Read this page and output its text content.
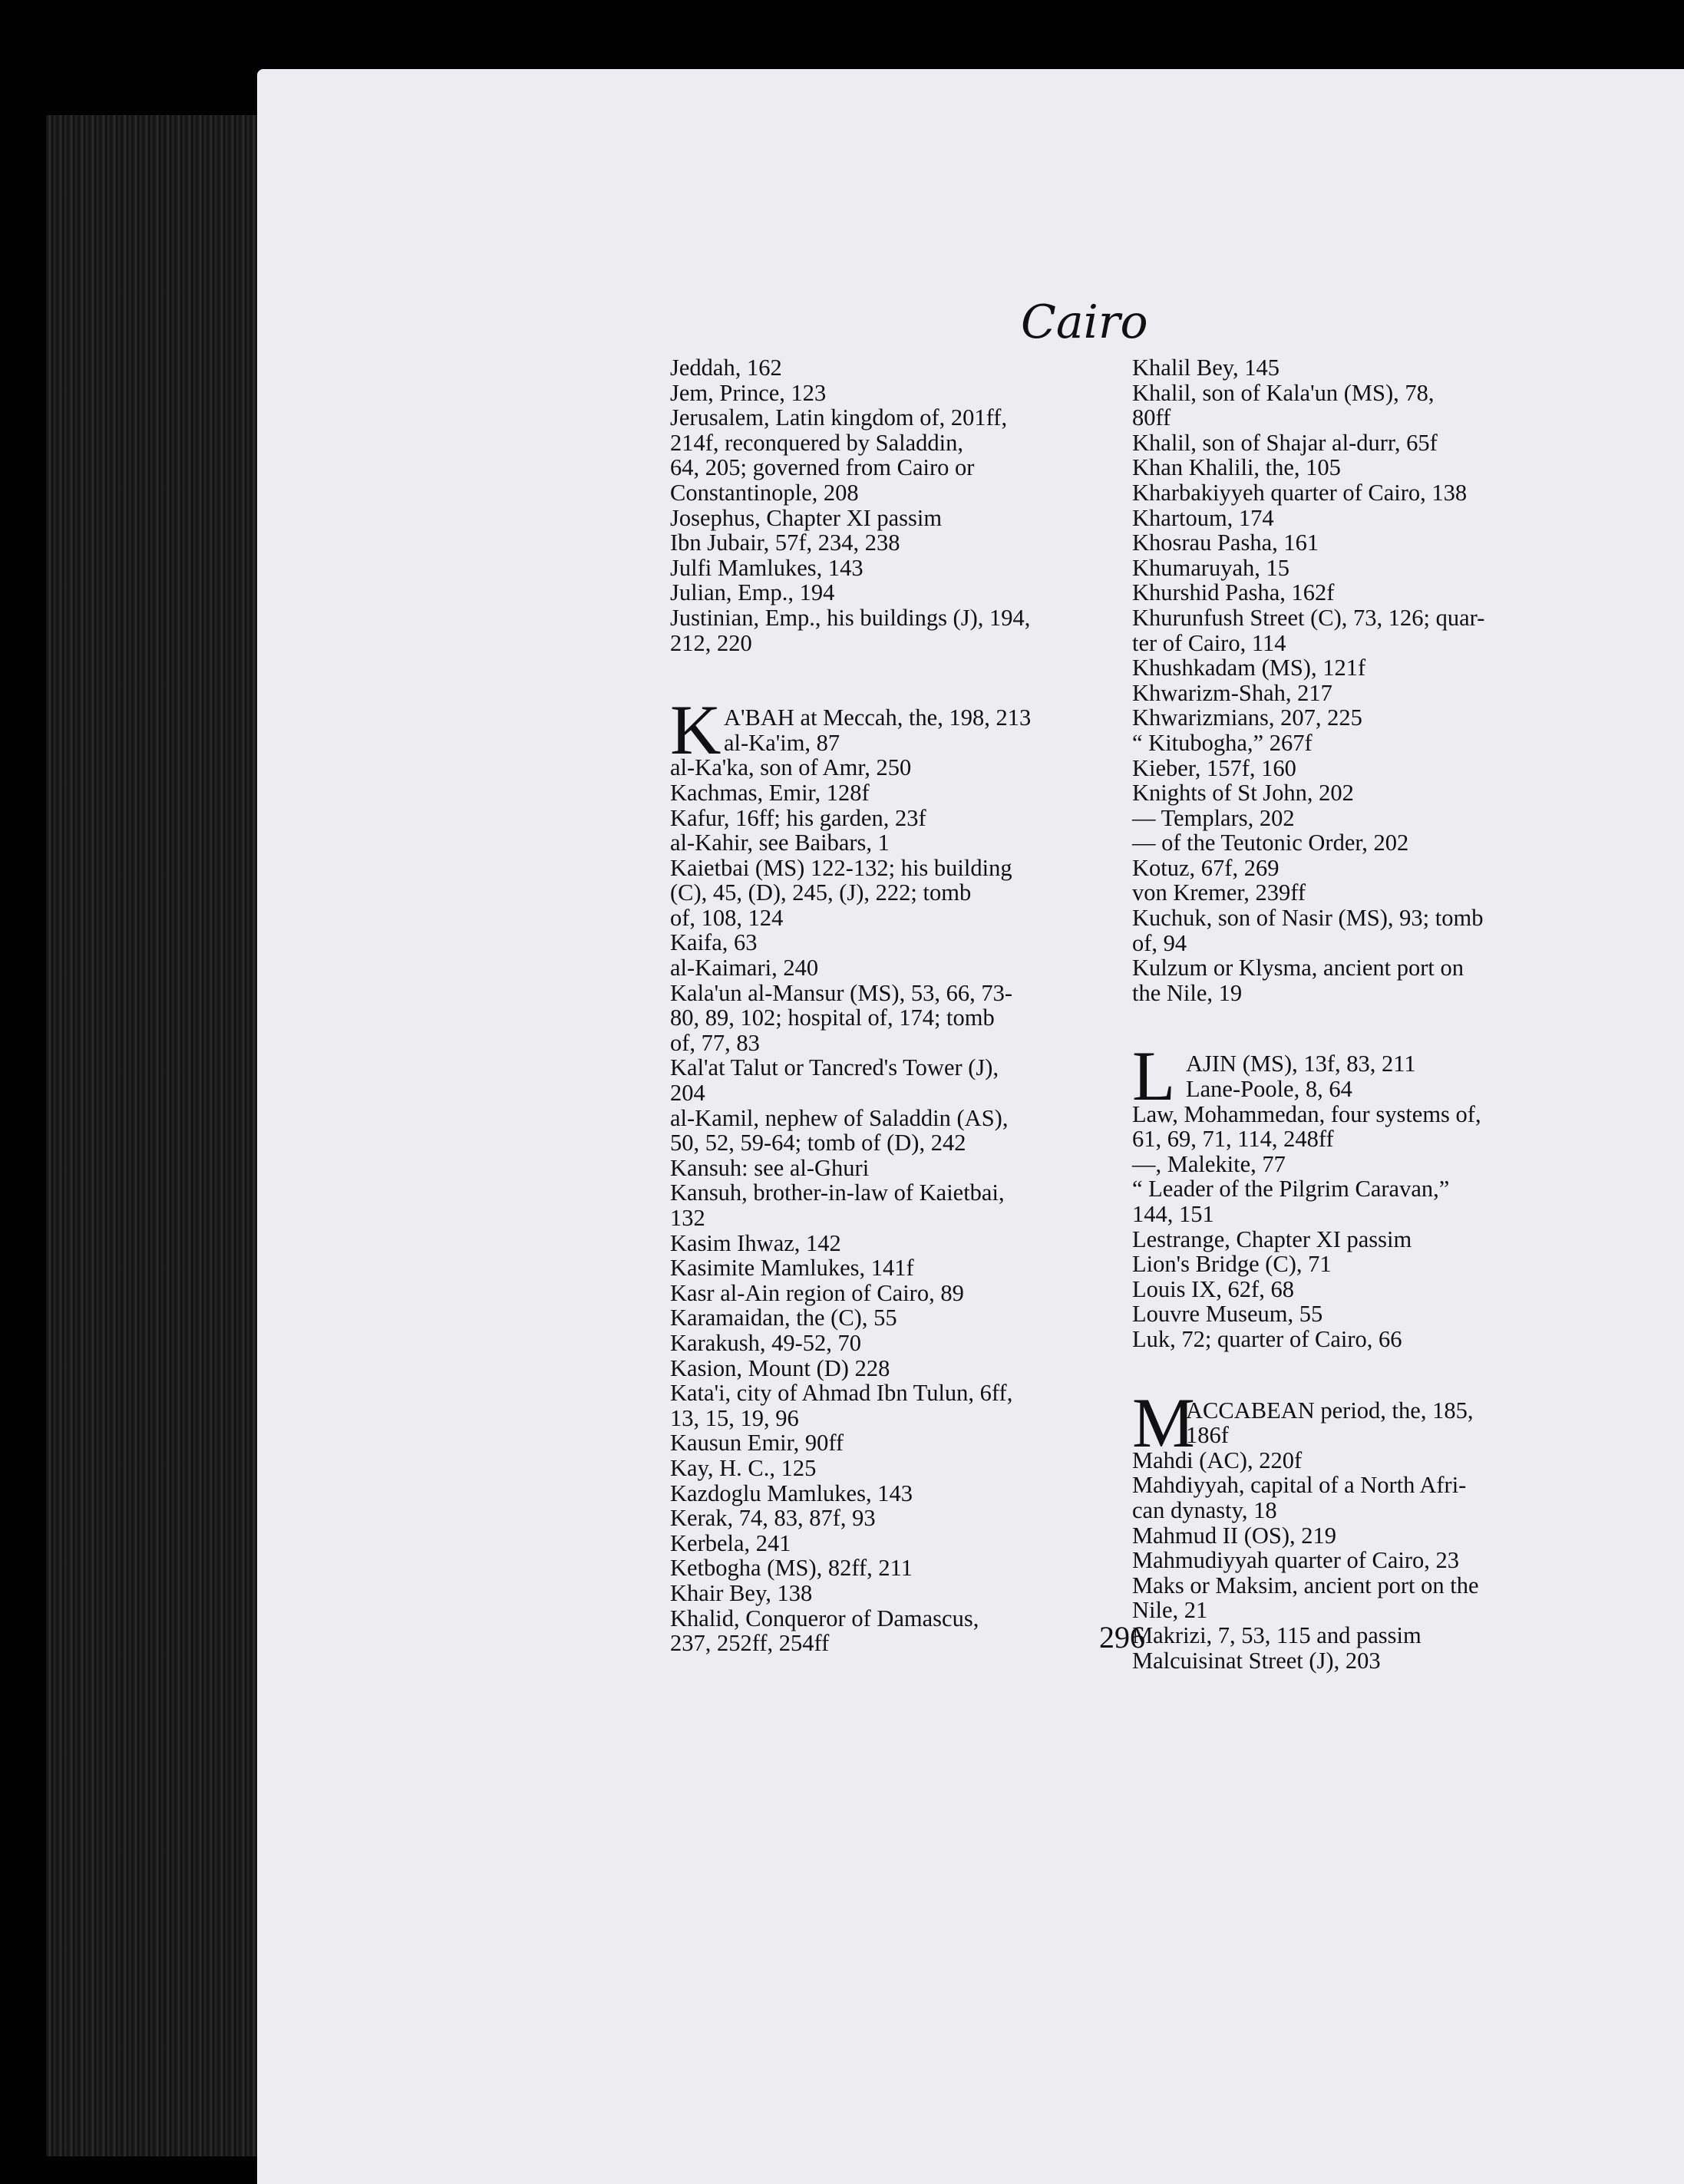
Cairo
Jeddah, 162
Jem, Prince, 123
Jerusalem, Latin kingdom of, 201ff,
214f, reconquered by Saladdin,
64, 205; governed from Cairo or
Constantinople, 208
Josephus, Chapter XI passim
Ibn Jubair, 57f, 234, 238
Julfi Mamlukes, 143
Julian, Emp., 194
Justinian, Emp., his buildings (J), 194,
212, 220
K A'BAH at Meccah, the, 198, 213
al-Ka'im, 87
al-Ka'ka, son of Amr, 250
Kachmas, Emir, 128f
Kafur, 16ff; his garden, 23f
al-Kahir, see Baibars, 1
Kaietbai (MS) 122-132; his building
(C), 45, (D), 245, (J), 222; tomb
of, 108, 124
Kaifa, 63
al-Kaimari, 240
Kala'un al-Mansur (MS), 53, 66, 73-
80, 89, 102; hospital of, 174; tomb
of, 77, 83
Kal'at Talut or Tancred's Tower (J),
204
al-Kamil, nephew of Saladdin (AS),
50, 52, 59-64; tomb of (D), 242
Kansuh: see al-Ghuri
Kansuh, brother-in-law of Kaietbai,
132
Kasim Ihwaz, 142
Kasimite Mamlukes, 141f
Kasr al-Ain region of Cairo, 89
Karamaidan, the (C), 55
Karakush, 49-52, 70
Kasion, Mount (D) 228
Kata'i, city of Ahmad Ibn Tulun, 6ff,
13, 15, 19, 96
Kausun Emir, 90ff
Kay, H. C., 125
Kazdoglu Mamlukes, 143
Kerak, 74, 83, 87f, 93
Kerbela, 241
Ketbogha (MS), 82ff, 211
Khair Bey, 138
Khalid, Conqueror of Damascus,
237, 252ff, 254ff
Khalil Bey, 145
Khalil, son of Kala'un (MS), 78,
80ff
Khalil, son of Shajar al-durr, 65f
Khan Khalili, the, 105
Kharbakiyyeh quarter of Cairo, 138
Khartoum, 174
Khosrau Pasha, 161
Khumaruyah, 15
Khurshid Pasha, 162f
Khurunfush Street (C), 73, 126; quar-
ter of Cairo, 114
Khushkadam (MS), 121f
Khwarizm-Shah, 217
Khwarizmians, 207, 225
“ Kitubogha,” 267f
Kieber, 157f, 160
Knights of St John, 202
— Templars, 202
— of the Teutonic Order, 202
Kotuz, 67f, 269
von Kremer, 239ff
Kuchuk, son of Nasir (MS), 93; tomb
of, 94
Kulzum or Klysma, ancient port on
the Nile, 19
L AJIN (MS), 13f, 83, 211
Lane-Poole, 8, 64
Law, Mohammedan, four systems of,
61, 69, 71, 114, 248ff
—, Malekite, 77
“ Leader of the Pilgrim Caravan,”
144, 151
Lestrange, Chapter XI passim
Lion's Bridge (C), 71
Louis IX, 62f, 68
Louvre Museum, 55
Luk, 72; quarter of Cairo, 66
M
ACCABEAN period, the, 185,
186f
Mahdi (AC), 220f
Mahdiyyah, capital of a North Afri-
can dynasty, 18
Mahmud II (OS), 219
Mahmudiyyah quarter of Cairo, 23
Maks or Maksim, ancient port on the
Nile, 21
Makrizi, 7, 53, 115 and passim
Malcuisinat Street (J), 203
296
